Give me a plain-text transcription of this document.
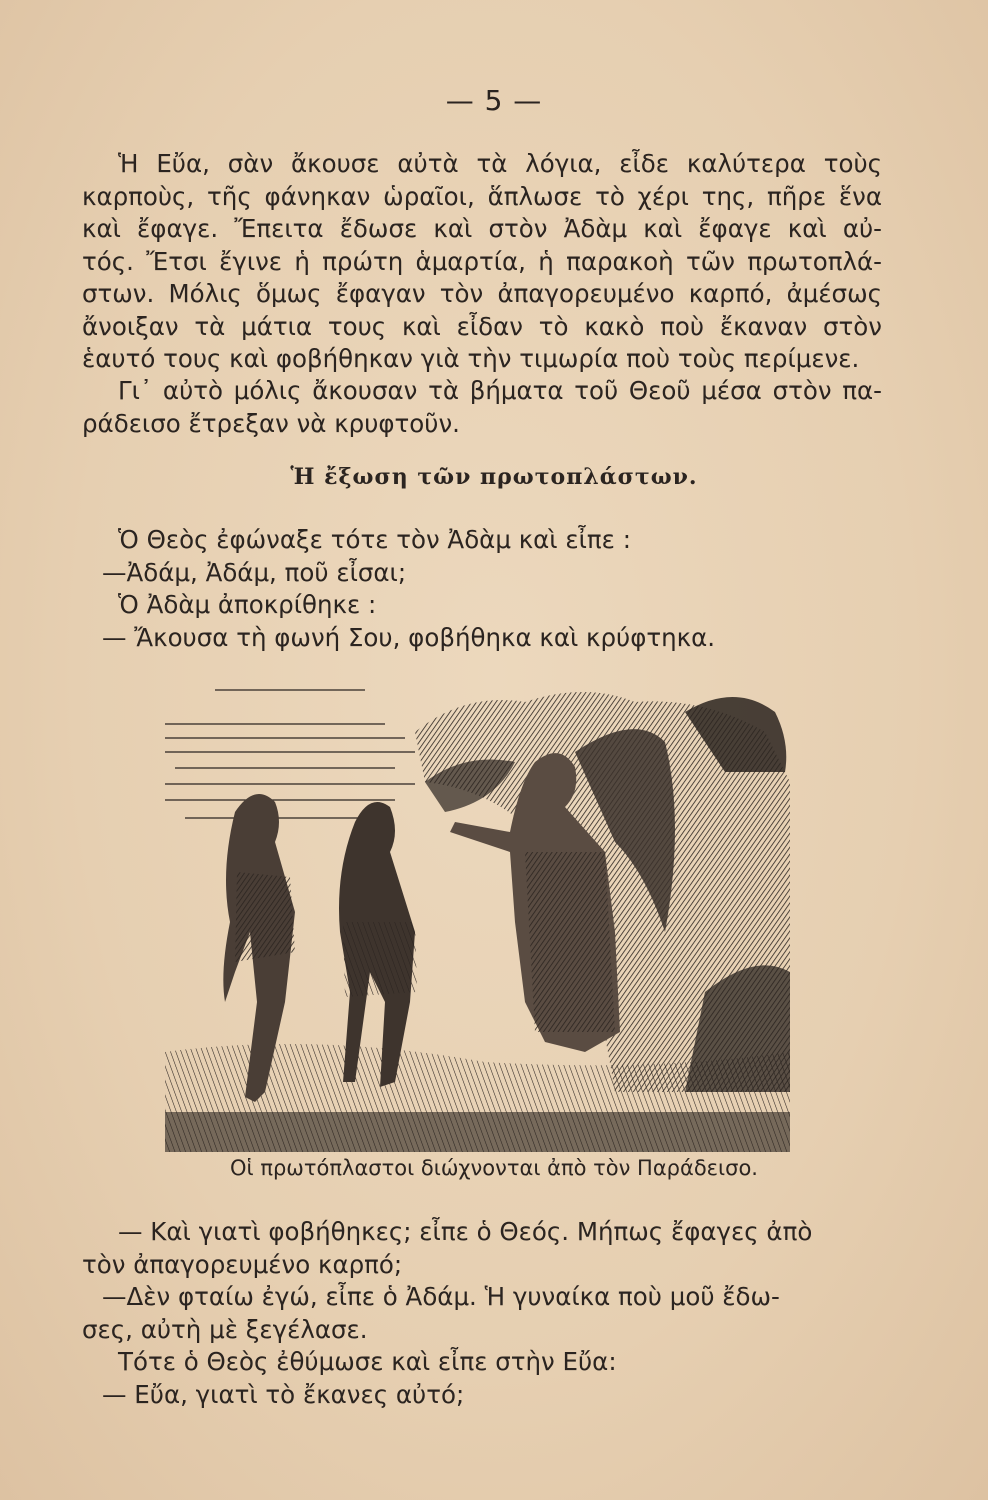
— 5 —

Ἡ Εὔα, σὰν ἄκουσε αὐτὰ τὰ λόγια, εἶδε καλύτερα τοὺς
καρποὺς, τῆς φάνηκαν ὡραῖοι, ἅπλωσε τὸ χέρι της, πῆρε ἕνα
καὶ ἔφαγε. Ἔπειτα ἔδωσε καὶ στὸν Ἀδὰμ καὶ ἔφαγε καὶ αὐ-
τός. Ἔτσι ἔγινε ἡ πρώτη ἁμαρτία, ἡ παρακοὴ τῶν πρωτοπλά-
στων. Μόλις ὅμως ἔφαγαν τὸν ἀπαγορευμένο καρπό, ἀμέσως
ἄνοιξαν τὰ μάτια τους καὶ εἶδαν τὸ κακὸ ποὺ ἔκαναν στὸν
ἑαυτό τους καὶ φοβήθηκαν γιὰ τὴν τιμωρία ποὺ τοὺς περίμενε.

Γι᾽ αὐτὸ μόλις ἄκουσαν τὰ βήματα τοῦ Θεοῦ μέσα στὸν πα-
ράδεισο ἔτρεξαν νὰ κρυφτοῦν.

Ἡ ἔξωση τῶν πρωτοπλάστων.
Ὁ Θεὸς ἐφώναξε τότε τὸν Ἀδὰμ καὶ εἶπε :
—Ἀδάμ, Ἀδάμ, ποῦ εἶσαι;
Ὁ Ἀδὰμ ἀποκρίθηκε :
— Ἄκουσα τὴ φωνή Σου, φοβήθηκα καὶ κρύφτηκα.
Οἱ πρωτόπλαστοι διώχνονται ἀπὸ τὸν Παράδεισο.
— Καὶ γιατὶ φοβήθηκες; εἶπε ὁ Θεός. Μήπως ἔφαγες ἀπὸ
τὸν ἀπαγορευμένο καρπό;
—Δὲν φταίω ἐγώ, εἶπε ὁ Ἀδάμ. Ἡ γυναίκα ποὺ μοῦ ἔδω-
σες, αὐτὴ μὲ ξεγέλασε.
Τότε ὁ Θεὸς ἐθύμωσε καὶ εἶπε στὴν Εὔα:
— Εὔα, γιατὶ τὸ ἔκανες αὐτό;
